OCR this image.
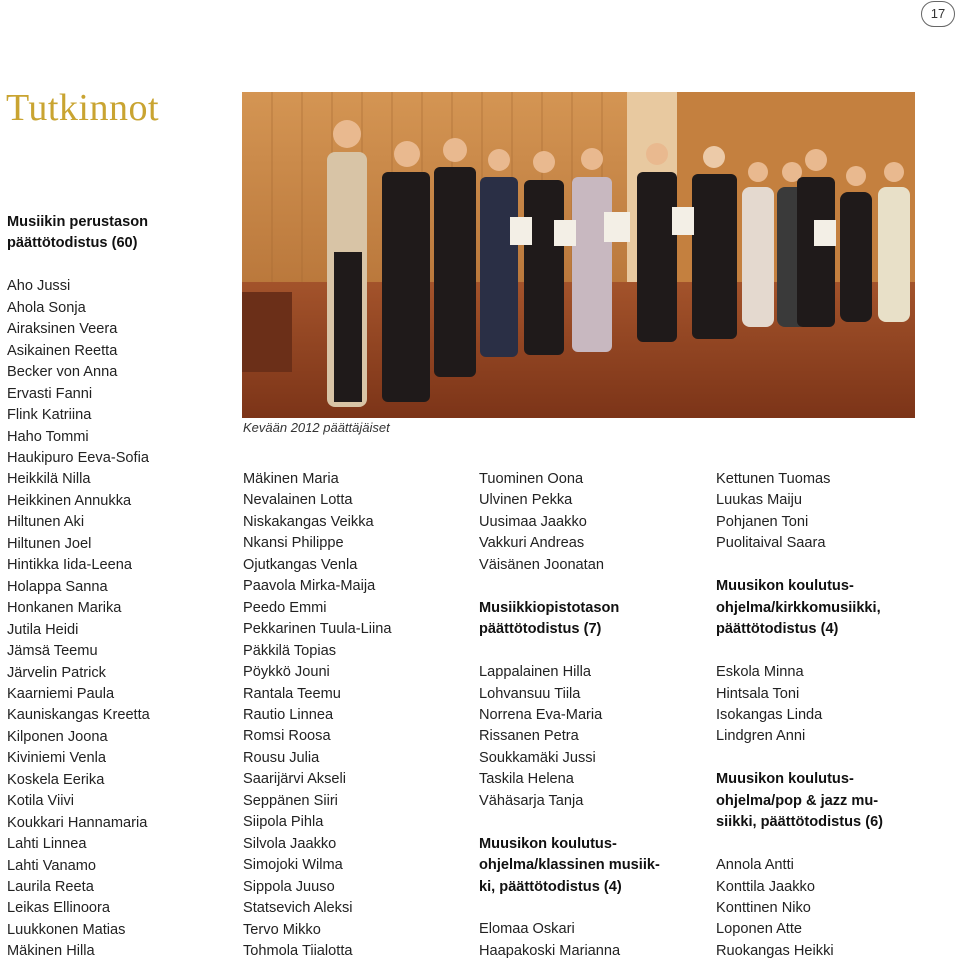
17
Tutkinnot
Kevään 2012 päättäjäiset
Musiikin perustason päättötodistus (60)
Aho Jussi
Ahola Sonja
Airaksinen Veera
Asikainen Reetta
Becker von Anna
Ervasti Fanni
Flink Katriina
Haho Tommi
Haukipuro Eeva-Sofia
Heikkilä Nilla
Heikkinen Annukka
Hiltunen Aki
Hiltunen Joel
Hintikka Iida-Leena
Holappa Sanna
Honkanen Marika
Jutila Heidi
Jämsä Teemu
Järvelin Patrick
Kaarniemi Paula
Kauniskangas Kreetta
Kilponen Joona
Kiviniemi Venla
Koskela Eerika
Kotila Viivi
Koukkari Hannamaria
Lahti Linnea
Lahti Vanamo
Laurila Reeta
Leikas Ellinoora
Luukkonen Matias
Mäkinen Hilla
Mäkinen Maria
Nevalainen Lotta
Niskakangas Veikka
Nkansi Philippe
Ojutkangas Venla
Paavola Mirka-Maija
Peedo Emmi
Pekkarinen Tuula-Liina
Päkkilä Topias
Pöykkö Jouni
Rantala Teemu
Rautio Linnea
Romsi Roosa
Rousu Julia
Saarijärvi Akseli
Seppänen Siiri
Siipola Pihla
Silvola Jaakko
Simojoki Wilma
Sippola Juuso
Statsevich Aleksi
Tervo Mikko
Tohmola Tiialotta
Tuominen Oona
Ulvinen Pekka
Uusimaa Jaakko
Vakkuri Andreas
Väisänen Joonatan
Musiikkiopistotason
päättötodistus (7)
Lappalainen Hilla
Lohvansuu Tiila
Norrena Eva-Maria
Rissanen Petra
Soukkamäki Jussi
Taskila Helena
Vähäsarja Tanja
Muusikon koulutus-
ohjelma/klassinen musiik-
ki, päättötodistus (4)
Elomaa Oskari
Haapakoski Marianna
Kettunen Tuomas
Luukas Maiju
Pohjanen Toni
Puolitaival Saara
Muusikon koulutus-
ohjelma/kirkkomusiikki,
päättötodistus (4)
Eskola Minna
Hintsala Toni
Isokangas Linda
Lindgren Anni
Muusikon koulutus-
ohjelma/pop & jazz mu-
siikki, päättötodistus (6)
Annola Antti
Konttila Jaakko
Konttinen Niko
Loponen Atte
Ruokangas Heikki
